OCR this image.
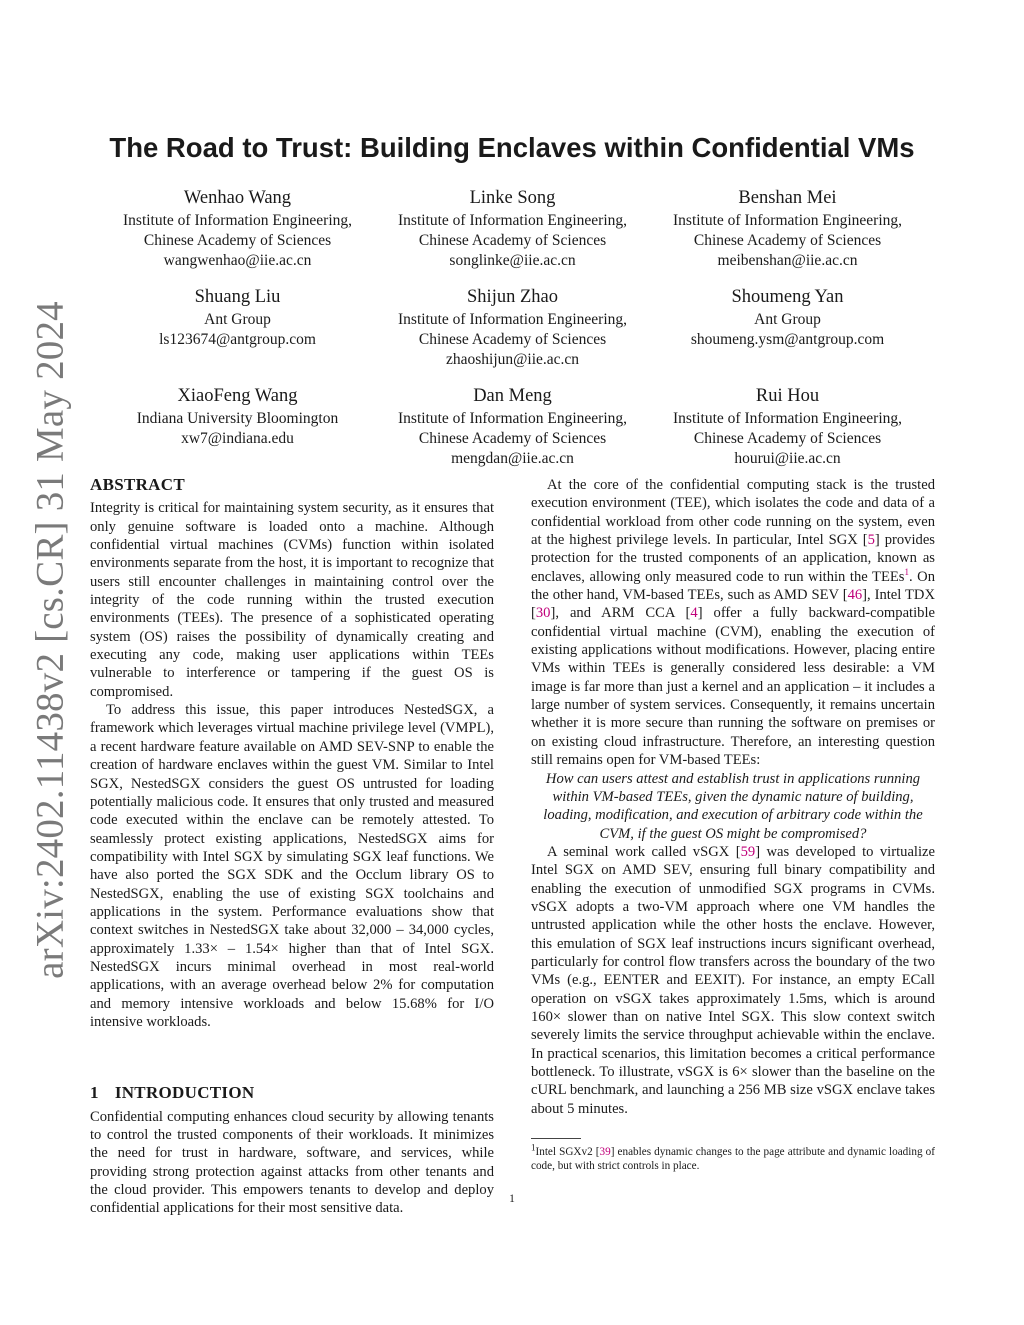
arXiv:2402.11438v2 [cs.CR] 31 May 2024
The Road to Trust: Building Enclaves within Confidential VMs
Wenhao Wang
Institute of Information Engineering,
Chinese Academy of Sciences
wangwenhao@iie.ac.cn
Linke Song
Institute of Information Engineering,
Chinese Academy of Sciences
songlinke@iie.ac.cn
Benshan Mei
Institute of Information Engineering,
Chinese Academy of Sciences
meibenshan@iie.ac.cn
Shuang Liu
Ant Group
ls123674@antgroup.com
Shijun Zhao
Institute of Information Engineering,
Chinese Academy of Sciences
zhaoshijun@iie.ac.cn
Shoumeng Yan
Ant Group
shoumeng.ysm@antgroup.com
XiaoFeng Wang
Indiana University Bloomington
xw7@indiana.edu
Dan Meng
Institute of Information Engineering,
Chinese Academy of Sciences
mengdan@iie.ac.cn
Rui Hou
Institute of Information Engineering,
Chinese Academy of Sciences
hourui@iie.ac.cn
ABSTRACT

Integrity is critical for maintaining system security, as it ensures that only genuine software is loaded onto a machine. Although confidential virtual machines (CVMs) function within isolated environments separate from the host, it is important to recognize that users still encounter challenges in maintaining control over the integrity of the code running within the trusted execution environments (TEEs). The presence of a sophisticated operating system (OS) raises the possibility of dynamically creating and executing any code, making user applications within TEEs vulnerable to interference or tampering if the guest OS is compromised.

To address this issue, this paper introduces NestedSGX, a framework which leverages virtual machine privilege level (VMPL), a recent hardware feature available on AMD SEV-SNP to enable the creation of hardware enclaves within the guest VM. Similar to Intel SGX, NestedSGX considers the guest OS untrusted for loading potentially malicious code. It ensures that only trusted and measured code executed within the enclave can be remotely attested. To seamlessly protect existing applications, NestedSGX aims for compatibility with Intel SGX by simulating SGX leaf functions. We have also ported the SGX SDK and the Occlum library OS to NestedSGX, enabling the use of existing SGX toolchains and applications in the system. Performance evaluations show that context switches in NestedSGX take about 32,000 – 34,000 cycles, approximately 1.33× – 1.54× higher than that of Intel SGX. NestedSGX incurs minimal overhead in most real-world applications, with an average overhead below 2% for computation and memory intensive workloads and below 15.68% for I/O intensive workloads.

1 INTRODUCTION

Confidential computing enhances cloud security by allowing tenants to control the trusted components of their workloads. It minimizes the need for trust in hardware, software, and services, while providing strong protection against attacks from other tenants and the cloud provider. This empowers tenants to develop and deploy confidential applications for their most sensitive data.

At the core of the confidential computing stack is the trusted execution environment (TEE), which isolates the code and data of a confidential workload from other code running on the system, even at the highest privilege levels. In particular, Intel SGX [5] provides protection for the trusted components of an application, known as enclaves, allowing only measured code to run within the TEEs$^1$. On the other hand, VM-based TEEs, such as AMD SEV [46], Intel TDX [30], and ARM CCA [4] offer a fully backward-compatible confidential virtual machine (CVM), enabling the execution of existing applications without modifications. However, placing entire VMs within TEEs is generally considered less desirable: a VM image is far more than just a kernel and an application – it includes a large number of system services. Consequently, it remains uncertain whether it is more secure than running the software on premises or on existing cloud infrastructure. Therefore, an interesting question still remains open for VM-based TEEs:

How can users attest and establish trust in applications running within VM-based TEEs, given the dynamic nature of building, loading, modification, and execution of arbitrary code within the CVM, if the guest OS might be compromised?

A seminal work called vSGX [59] was developed to virtualize Intel SGX on AMD SEV, ensuring full binary compatibility and enabling the execution of unmodified SGX programs in CVMs. vSGX adopts a two-VM approach where one VM handles the untrusted application while the other hosts the enclave. However, this emulation of SGX leaf instructions incurs significant overhead, particularly for control flow transfers across the boundary of the two VMs (e.g., EENTER and EEXIT). For instance, an empty ECall operation on vSGX takes approximately 1.5ms, which is around 160× slower than on native Intel SGX. This slow context switch severely limits the service throughput achievable within the enclave. In practical scenarios, this limitation becomes a critical performance bottleneck. To illustrate, vSGX is 6× slower than the baseline on the cURL benchmark, and launching a 256 MB size vSGX enclave takes about 5 minutes.

$^1$Intel SGXv2 [39] enables dynamic changes to the page attribute and dynamic loading of code, but with strict controls in place.

1
